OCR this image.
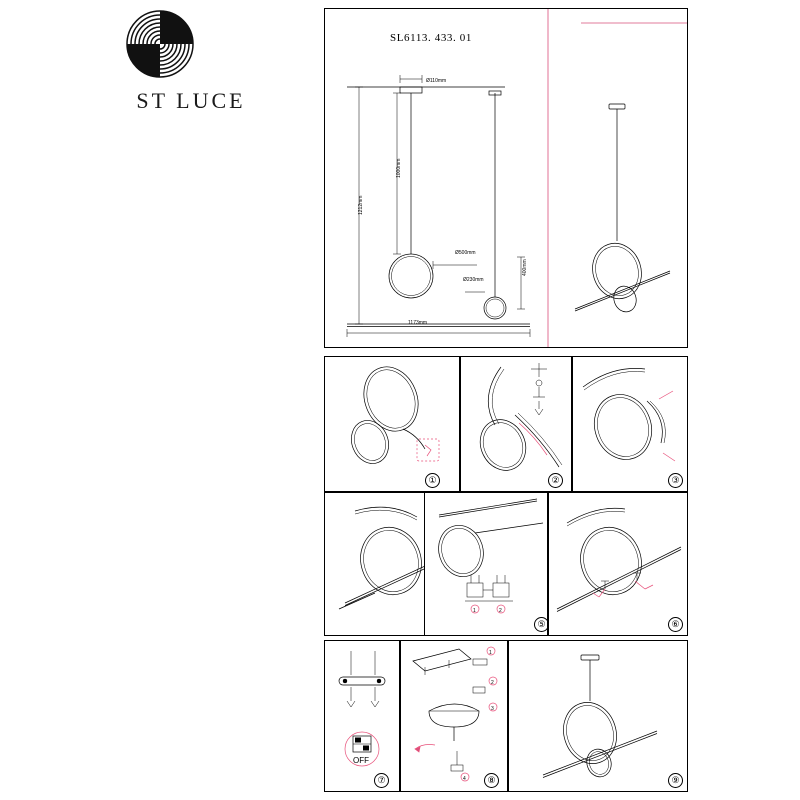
ST LUCE
SL6113. 433. 01
Ø110mm
1000mm
1212mm
Ø500mm
Ø230mm
400mm
1173mm
①	②	③
1	2
⑤	⑥
OFF
⑦
1
2
3
4	⑧	⑨
